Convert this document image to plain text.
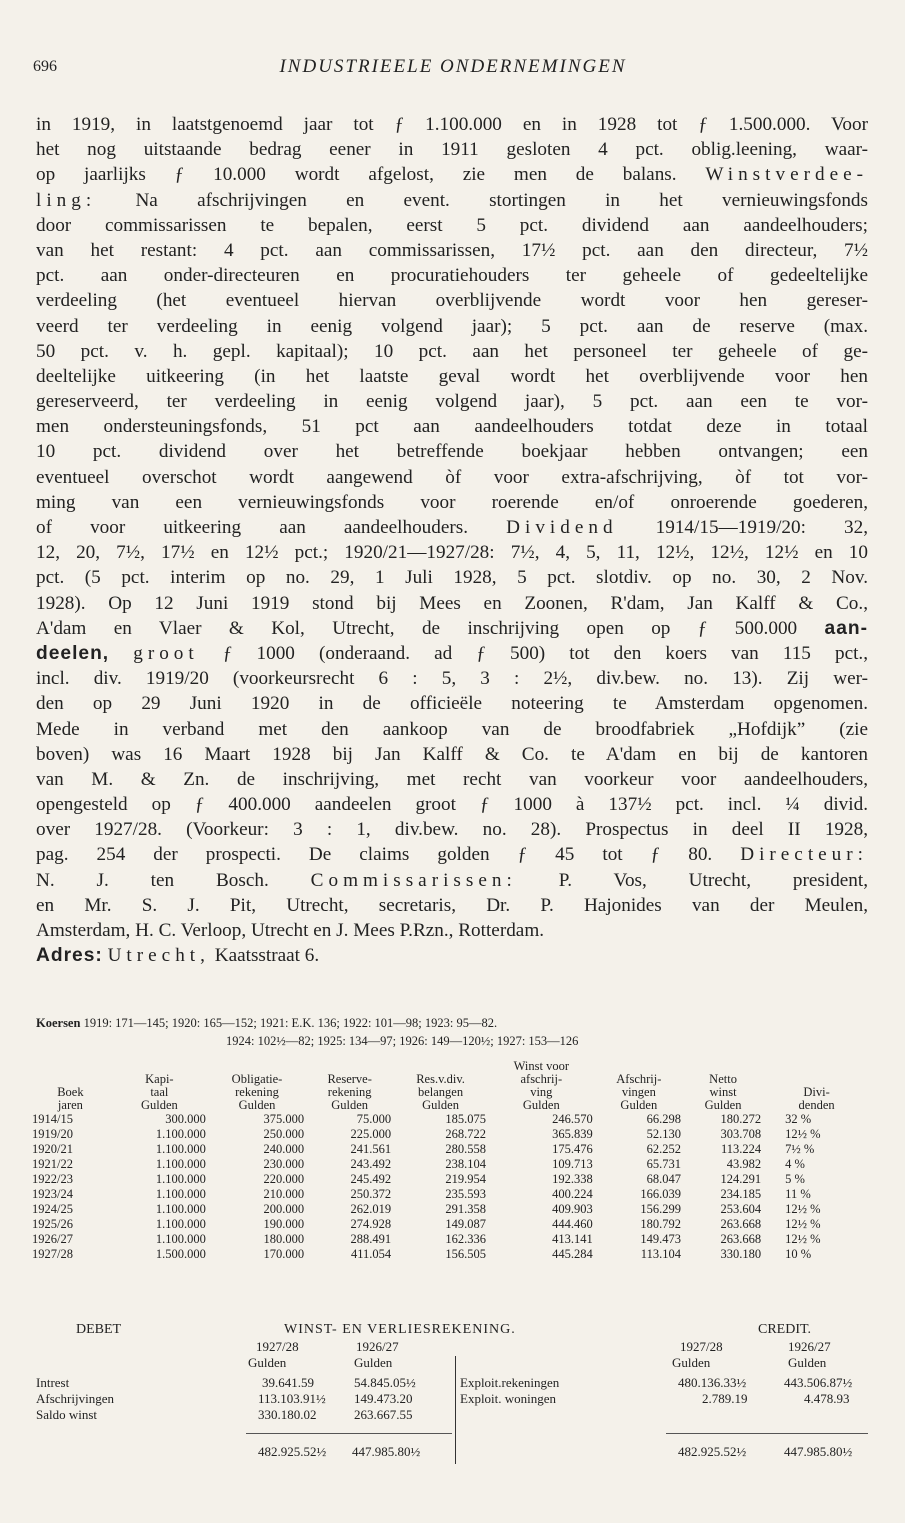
696	INDUSTRIEELE ONDERNEMINGEN
in 1919, in laatstgenoemd jaar tot ƒ 1.100.000 en in 1928 tot ƒ 1.500.000. Voor
het nog uitstaande bedrag eener in 1911 gesloten 4 pct. oblig.leening, waar-
op jaarlijks ƒ 10.000 wordt afgelost, zie men de balans. Winstverdee-
ling: Na afschrijvingen en event. stortingen in het vernieuwingsfonds
door commissarissen te bepalen, eerst 5 pct. dividend aan aandeelhouders;
van het restant: 4 pct. aan commissarissen, 17½ pct. aan den directeur, 7½
pct. aan onder-directeuren en procuratiehouders ter geheele of gedeeltelijke
verdeeling (het eventueel hiervan overblijvende wordt voor hen gereser-
veerd ter verdeeling in eenig volgend jaar); 5 pct. aan de reserve (max.
50 pct. v. h. gepl. kapitaal); 10 pct. aan het personeel ter geheele of ge-
deeltelijke uitkeering (in het laatste geval wordt het overblijvende voor hen
gereserveerd, ter verdeeling in eenig volgend jaar), 5 pct. aan een te vor-
men ondersteuningsfonds, 51 pct aan aandeelhouders totdat deze in totaal
10 pct. dividend over het betreffende boekjaar hebben ontvangen; een
eventueel overschot wordt aangewend òf voor extra-afschrijving, òf tot vor-
ming van een vernieuwingsfonds voor roerende en/of onroerende goederen,
of voor uitkeering aan aandeelhouders. Dividend 1914/15—1919/20: 32,
12, 20, 7½, 17½ en 12½ pct.; 1920/21—1927/28: 7½, 4, 5, 11, 12½, 12½, 12½ en 10
pct. (5 pct. interim op no. 29, 1 Juli 1928, 5 pct. slotdiv. op no. 30, 2 Nov.
1928). Op 12 Juni 1919 stond bij Mees en Zoonen, R'dam, Jan Kalff & Co.,
A'dam en Vlaer & Kol, Utrecht, de inschrijving open op ƒ 500.000 aan-
deelen, groot ƒ 1000 (onderaand. ad ƒ 500) tot den koers van 115 pct.,
incl. div. 1919/20 (voorkeursrecht 6 : 5, 3 : 2½, div.bew. no. 13). Zij wer-
den op 29 Juni 1920 in de officieële noteering te Amsterdam opgenomen.
Mede in verband met den aankoop van de broodfabriek „Hofdijk” (zie
boven) was 16 Maart 1928 bij Jan Kalff & Co. te A'dam en bij de kantoren
van M. & Zn. de inschrijving, met recht van voorkeur voor aandeelhouders,
opengesteld op ƒ 400.000 aandeelen groot ƒ 1000 à 137½ pct. incl. ¼ divid.
over 1927/28. (Voorkeur: 3 : 1, div.bew. no. 28). Prospectus in deel II 1928,
pag. 254 der prospecti. De claims golden ƒ 45 tot ƒ 80. Directeur:
N. J. ten Bosch. Commissarissen: P. Vos, Utrecht, president,
en Mr. S. J. Pit, Utrecht, secretaris, Dr. P. Hajonides van der Meulen,
Amsterdam, H. C. Verloop, Utrecht en J. Mees P.Rzn., Rotterdam.
Adres: Utrecht, Kaatsstraat 6.
Koersen 1919: 171—145; 1920: 165—152; 1921: E.K. 136; 1922: 101—98; 1923: 95—82.
1924: 102½—82; 1925: 134—97; 1926: 149—120½; 1927: 153—126
					Winst voor			
	Kapi-	Obligatie-	Reserve-	Res.v.div.	afschrij-	Afschrij-	Netto	
Boek	taal	rekening	rekening	belangen	ving	vingen	winst	Divi-
jaren	Gulden	Gulden	Gulden	Gulden	Gulden	Gulden	Gulden	denden
1914/15	300.000	375.000	75.000	185.075	246.570	66.298	180.272	32 %
1919/20	1.100.000	250.000	225.000	268.722	365.839	52.130	303.708	12½ %
1920/21	1.100.000	240.000	241.561	280.558	175.476	62.252	113.224	7½ %
1921/22	1.100.000	230.000	243.492	238.104	109.713	65.731	43.982	4 %
1922/23	1.100.000	220.000	245.492	219.954	192.338	68.047	124.291	5 %
1923/24	1.100.000	210.000	250.372	235.593	400.224	166.039	234.185	11 %
1924/25	1.100.000	200.000	262.019	291.358	409.903	156.299	253.604	12½ %
1925/26	1.100.000	190.000	274.928	149.087	444.460	180.792	263.668	12½ %
1926/27	1.100.000	180.000	288.491	162.336	413.141	149.473	263.668	12½ %
1927/28	1.500.000	170.000	411.054	156.505	445.284	113.104	330.180	10 %
DEBET	WINST- EN VERLIESREKENING.	CREDIT.
1927/28	1926/27	1927/28	1926/27
Gulden	Gulden	Gulden	Gulden
Intrest	39.641.59	54.845.05½
Afschrijvingen	113.103.91½ 149.473.20
Saldo winst	330.180.02	263.667.55
Exploit.rekeningen	480.136.33½	443.506.87½
Exploit. woningen	2.789.19	4.478.93
482.925.52½ 447.985.80½	482.925.52½	447.985.80½
